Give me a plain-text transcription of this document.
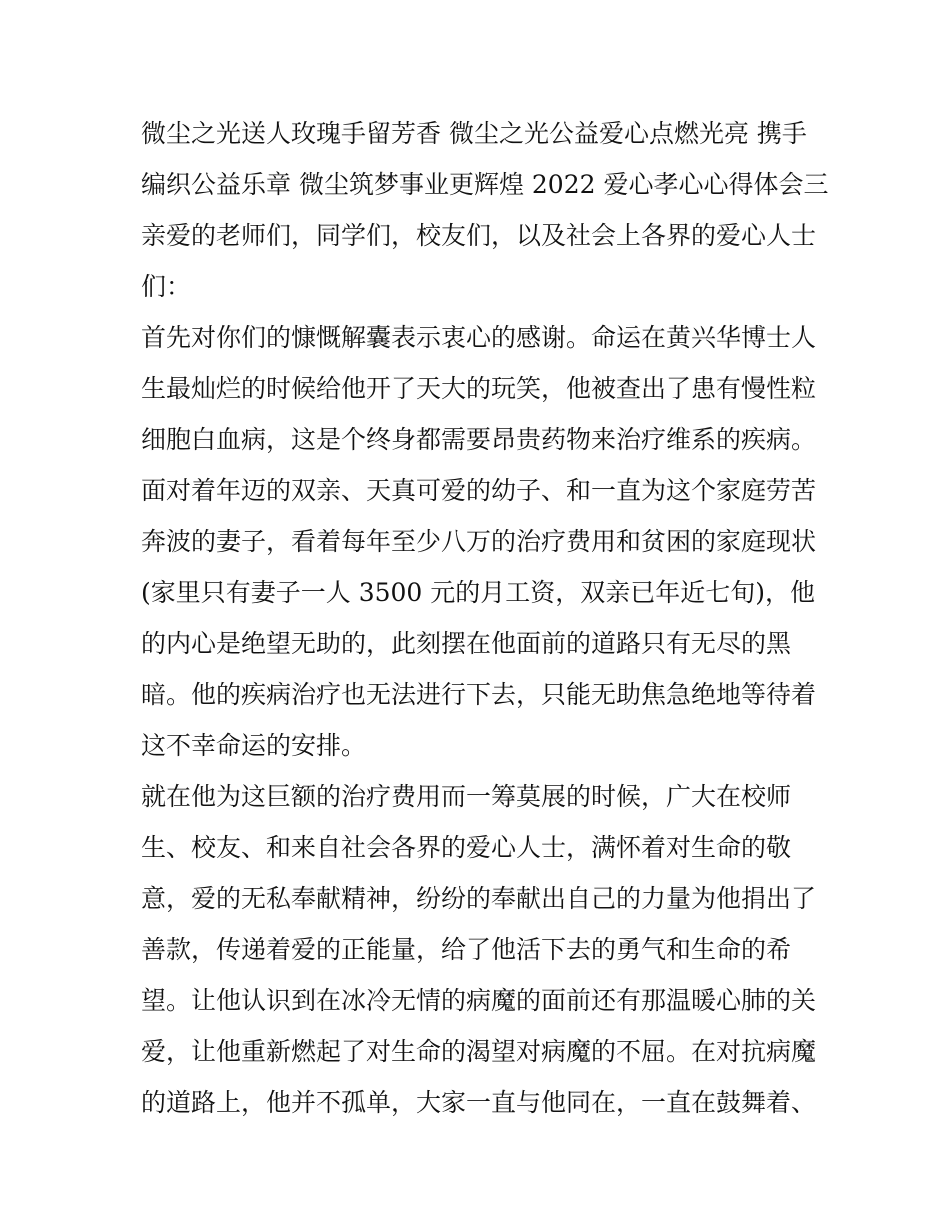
微尘之光送人玫瑰手留芳香 微尘之光公益爱心点燃光亮 携手
编织公益乐章 微尘筑梦事业更辉煌 2022 爱心孝心心得体会三
亲爱的老师们，同学们，校友们，以及社会上各界的爱心人士
们：
首先对你们的慷慨解囊表示衷心的感谢。命运在黄兴华博士人
生最灿烂的时候给他开了天大的玩笑，他被查出了患有慢性粒
细胞白血病，这是个终身都需要昂贵药物来治疗维系的疾病。
面对着年迈的双亲、天真可爱的幼子、和一直为这个家庭劳苦
奔波的妻子，看着每年至少八万的治疗费用和贫困的家庭现状
(家里只有妻子一人 3500 元的月工资，双亲已年近七旬)，他
的内心是绝望无助的，此刻摆在他面前的道路只有无尽的黑
暗。他的疾病治疗也无法进行下去，只能无助焦急绝地等待着
这不幸命运的安排。
就在他为这巨额的治疗费用而一筹莫展的时候，广大在校师
生、校友、和来自社会各界的爱心人士，满怀着对生命的敬
意，爱的无私奉献精神，纷纷的奉献出自己的力量为他捐出了
善款，传递着爱的正能量，给了他活下去的勇气和生命的希
望。让他认识到在冰冷无情的病魔的面前还有那温暖心肺的关
爱，让他重新燃起了对生命的渴望对病魔的不屈。在对抗病魔
的道路上，他并不孤单，大家一直与他同在，一直在鼓舞着、
